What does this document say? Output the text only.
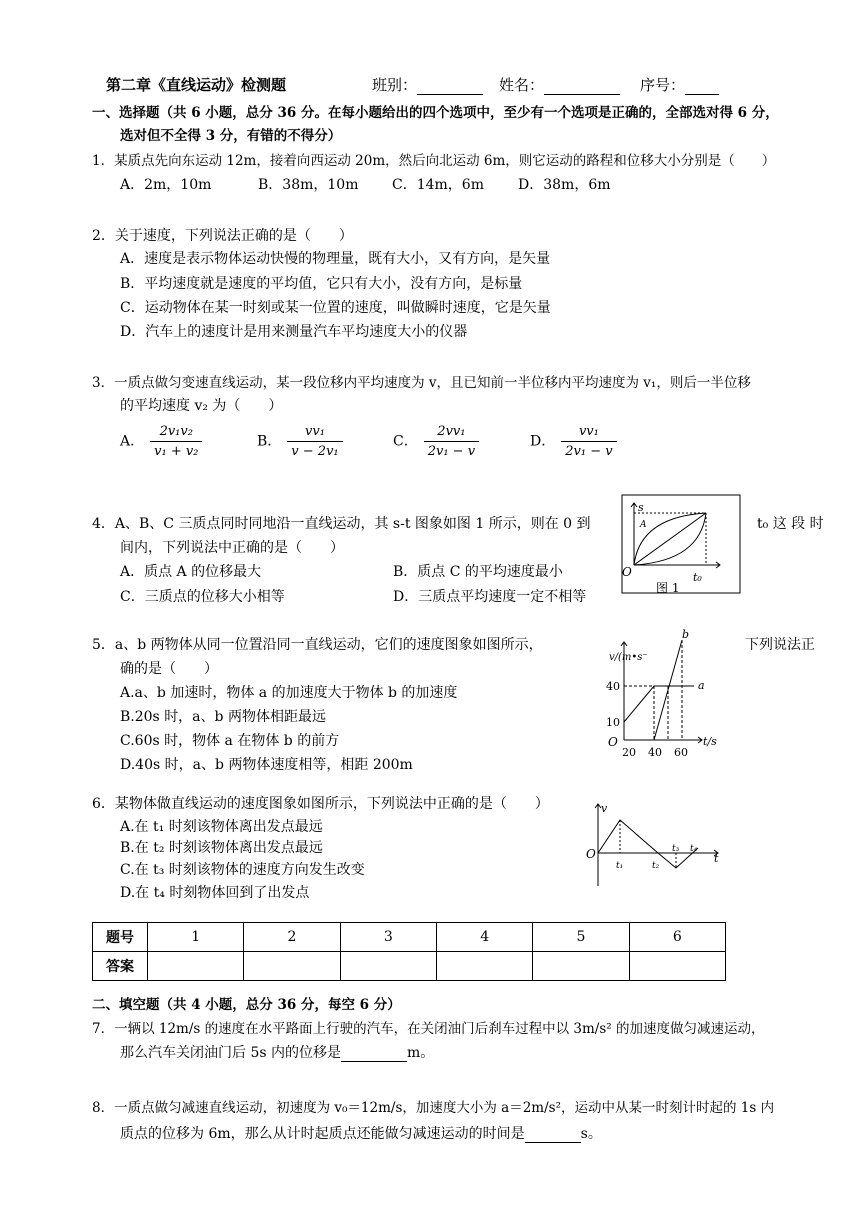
第二章《直线运动》检测题	班别：	姓名：	序号：
一、选择题（共 6 小题，总分 36 分。在每小题给出的四个选项中，至少有一个选项是正确的，全部选对得 6 分，
选对但不全得 3 分，有错的不得分）
1．某质点先向东运动 12m，接着向西运动 20m，然后向北运动 6m，则它运动的路程和位移大小分别是（　　）
A．2m，10m	B．38m，10m C．14m，6m D．38m，6m
2．关于速度，下列说法正确的是（　　）
A．速度是表示物体运动快慢的物理量，既有大小，又有方向，是矢量
B．平均速度就是速度的平均值，它只有大小，没有方向，是标量
C．运动物体在某一时刻或某一位置的速度，叫做瞬时速度，它是矢量
D．汽车上的速度计是用来测量汽车平均速度大小的仪器
3．一质点做匀变速直线运动，某一段位移内平均速度为 v，且已知前一半位移内平均速度为 v₁，则后一半位移
的平均速度 v₂ 为（　　）
A． $\frac{\text{2v₁v₂}}{\text{v₁ + v₂}}$	B． $\frac{\text{vv₁}}{\text{v − 2v₁}}$	C． $\frac{\text{2vv₁}}{\text{2v₁ − v}}$	D． $\frac{\text{vv₁}}{\text{2v₁ − v}}$
4．A、B、C 三质点同时同地沿一直线运动，其 s-t 图象如图 1 所示，则在 0 到	t₀ 这 段 时
间内，下列说法中正确的是（　　）
A．质点 A 的位移最大	B．质点 C 的平均速度最小
C．三质点的位移大小相等	D．三质点平均速度一定不相等
s
A
O	t₀
图 1
5．a、b 两物体从同一位置沿同一直线运动，它们的速度图象如图所示，	下列说法正
确的是（　　）
A.a、b 加速时，物体 a 的加速度大于物体 b 的加速度
B.20s 时，a、b 两物体相距最远
C.60s 时，物体 a 在物体 b 的前方
D.40s 时，a、b 两物体速度相等，相距 200m
v/(m•s⁻
40
10
O
20 40 60
t/s
a
b
6．某物体做直线运动的速度图象如图所示，下列说法中正确的是（　　）
A.在 t₁ 时刻该物体离出发点最远
B.在 t₂ 时刻该物体离出发点最远
C.在 t₃ 时刻该物体的速度方向发生改变
D.在 t₄ 时刻物体回到了出发点
v
O
t₁	t₂
t₃ t₄
t
题号	1	2	3	4	5	6
答案						
二、填空题（共 4 小题，总分 36 分，每空 6 分）
7．一辆以 12m/s 的速度在水平路面上行驶的汽车，在关闭油门后刹车过程中以 3m/s² 的加速度做匀减速运动，
那么汽车关闭油门后 5s 内的位移是	m。
8．一质点做匀减速直线运动，初速度为 v₀＝12m/s，加速度大小为 a＝2m/s²，运动中从某一时刻计时起的 1s 内
质点的位移为 6m，那么从计时起质点还能做匀减速运动的时间是	s。
